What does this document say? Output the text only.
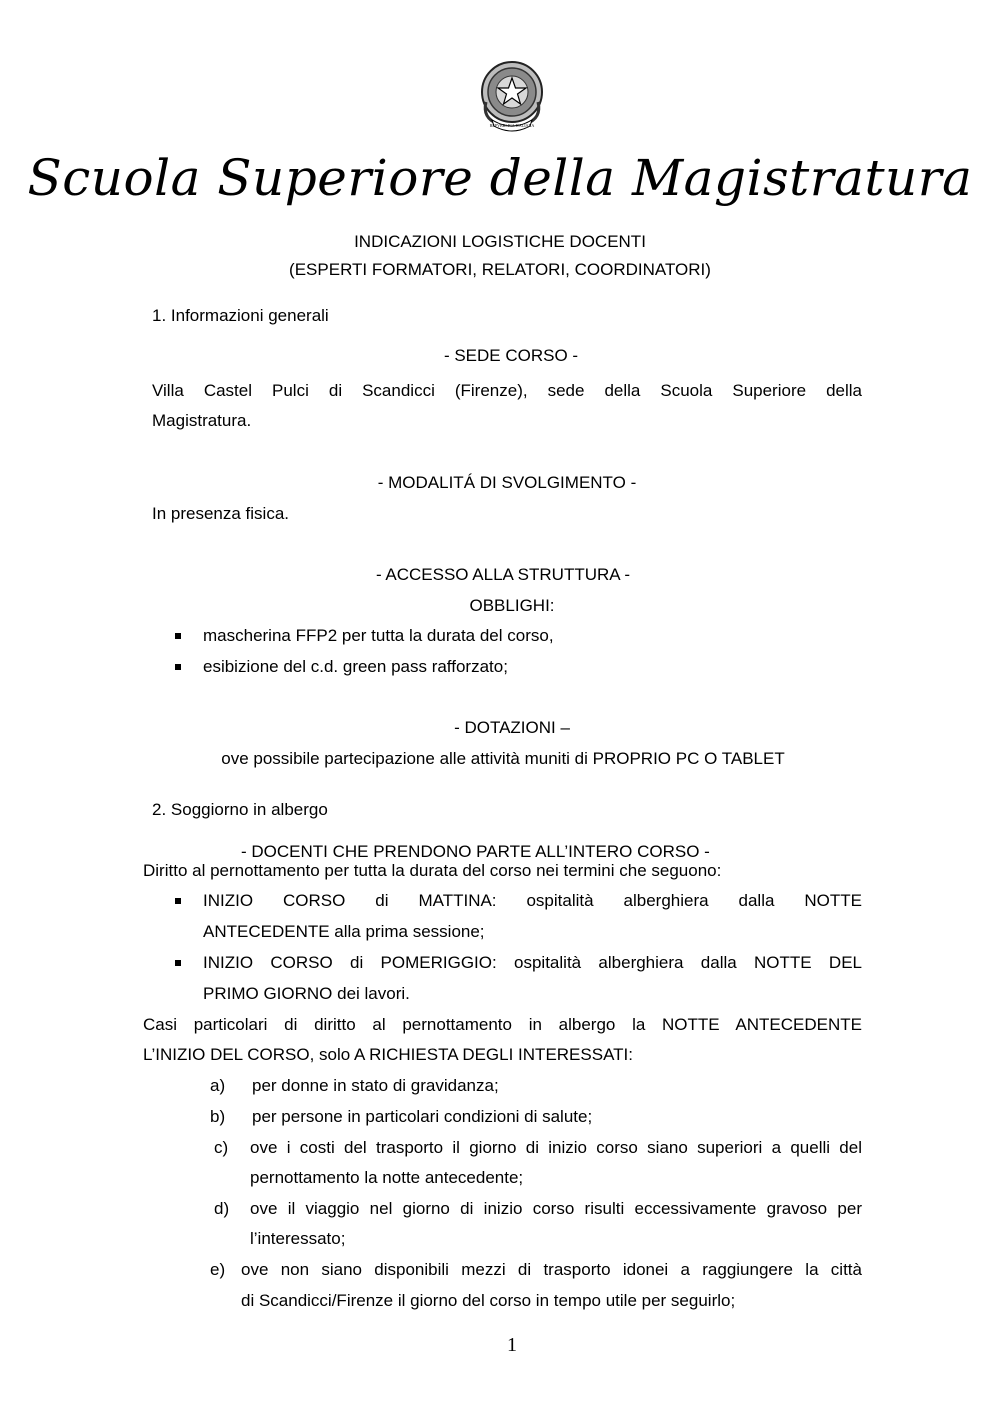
REPVBBLICA ITALIANA
Scuola Superiore della Magistratura
INDICAZIONI LOGISTICHE DOCENTI
(ESPERTI FORMATORI, RELATORI, COORDINATORI)
1. Informazioni generali
- SEDE CORSO -
Villa Castel Pulci di Scandicci (Firenze), sede della Scuola Superiore della
Magistratura.
- MODALITÁ DI SVOLGIMENTO -
In presenza fisica.
- ACCESSO ALLA STRUTTURA -
OBBLIGHI:
mascherina FFP2 per tutta la durata del corso,
esibizione del c.d. green pass rafforzato;
- DOTAZIONI –
ove possibile partecipazione alle attività muniti di PROPRIO PC O TABLET
2. Soggiorno in albergo
- DOCENTI CHE PRENDONO PARTE ALL’INTERO CORSO -
Diritto al pernottamento per tutta la durata del corso nei termini che seguono:
INIZIO CORSO di MATTINA: ospitalità alberghiera dalla NOTTE
ANTECEDENTE alla prima sessione;
INIZIO CORSO di POMERIGGIO: ospitalità alberghiera dalla NOTTE DEL
PRIMO GIORNO dei lavori.
Casi particolari di diritto al pernottamento in albergo la NOTTE ANTECEDENTE
L’INIZIO DEL CORSO, solo A RICHIESTA DEGLI INTERESSATI:
a) per donne in stato di gravidanza;
b) per persone in particolari condizioni di salute;
c) ove i costi del trasporto il giorno di inizio corso siano superiori a quelli del
pernottamento la notte antecedente;
d) ove il viaggio nel giorno di inizio corso risulti eccessivamente gravoso per
l’interessato;
e) ove non siano disponibili mezzi di trasporto idonei a raggiungere la città
di Scandicci/Firenze il giorno del corso in tempo utile per seguirlo;
1
